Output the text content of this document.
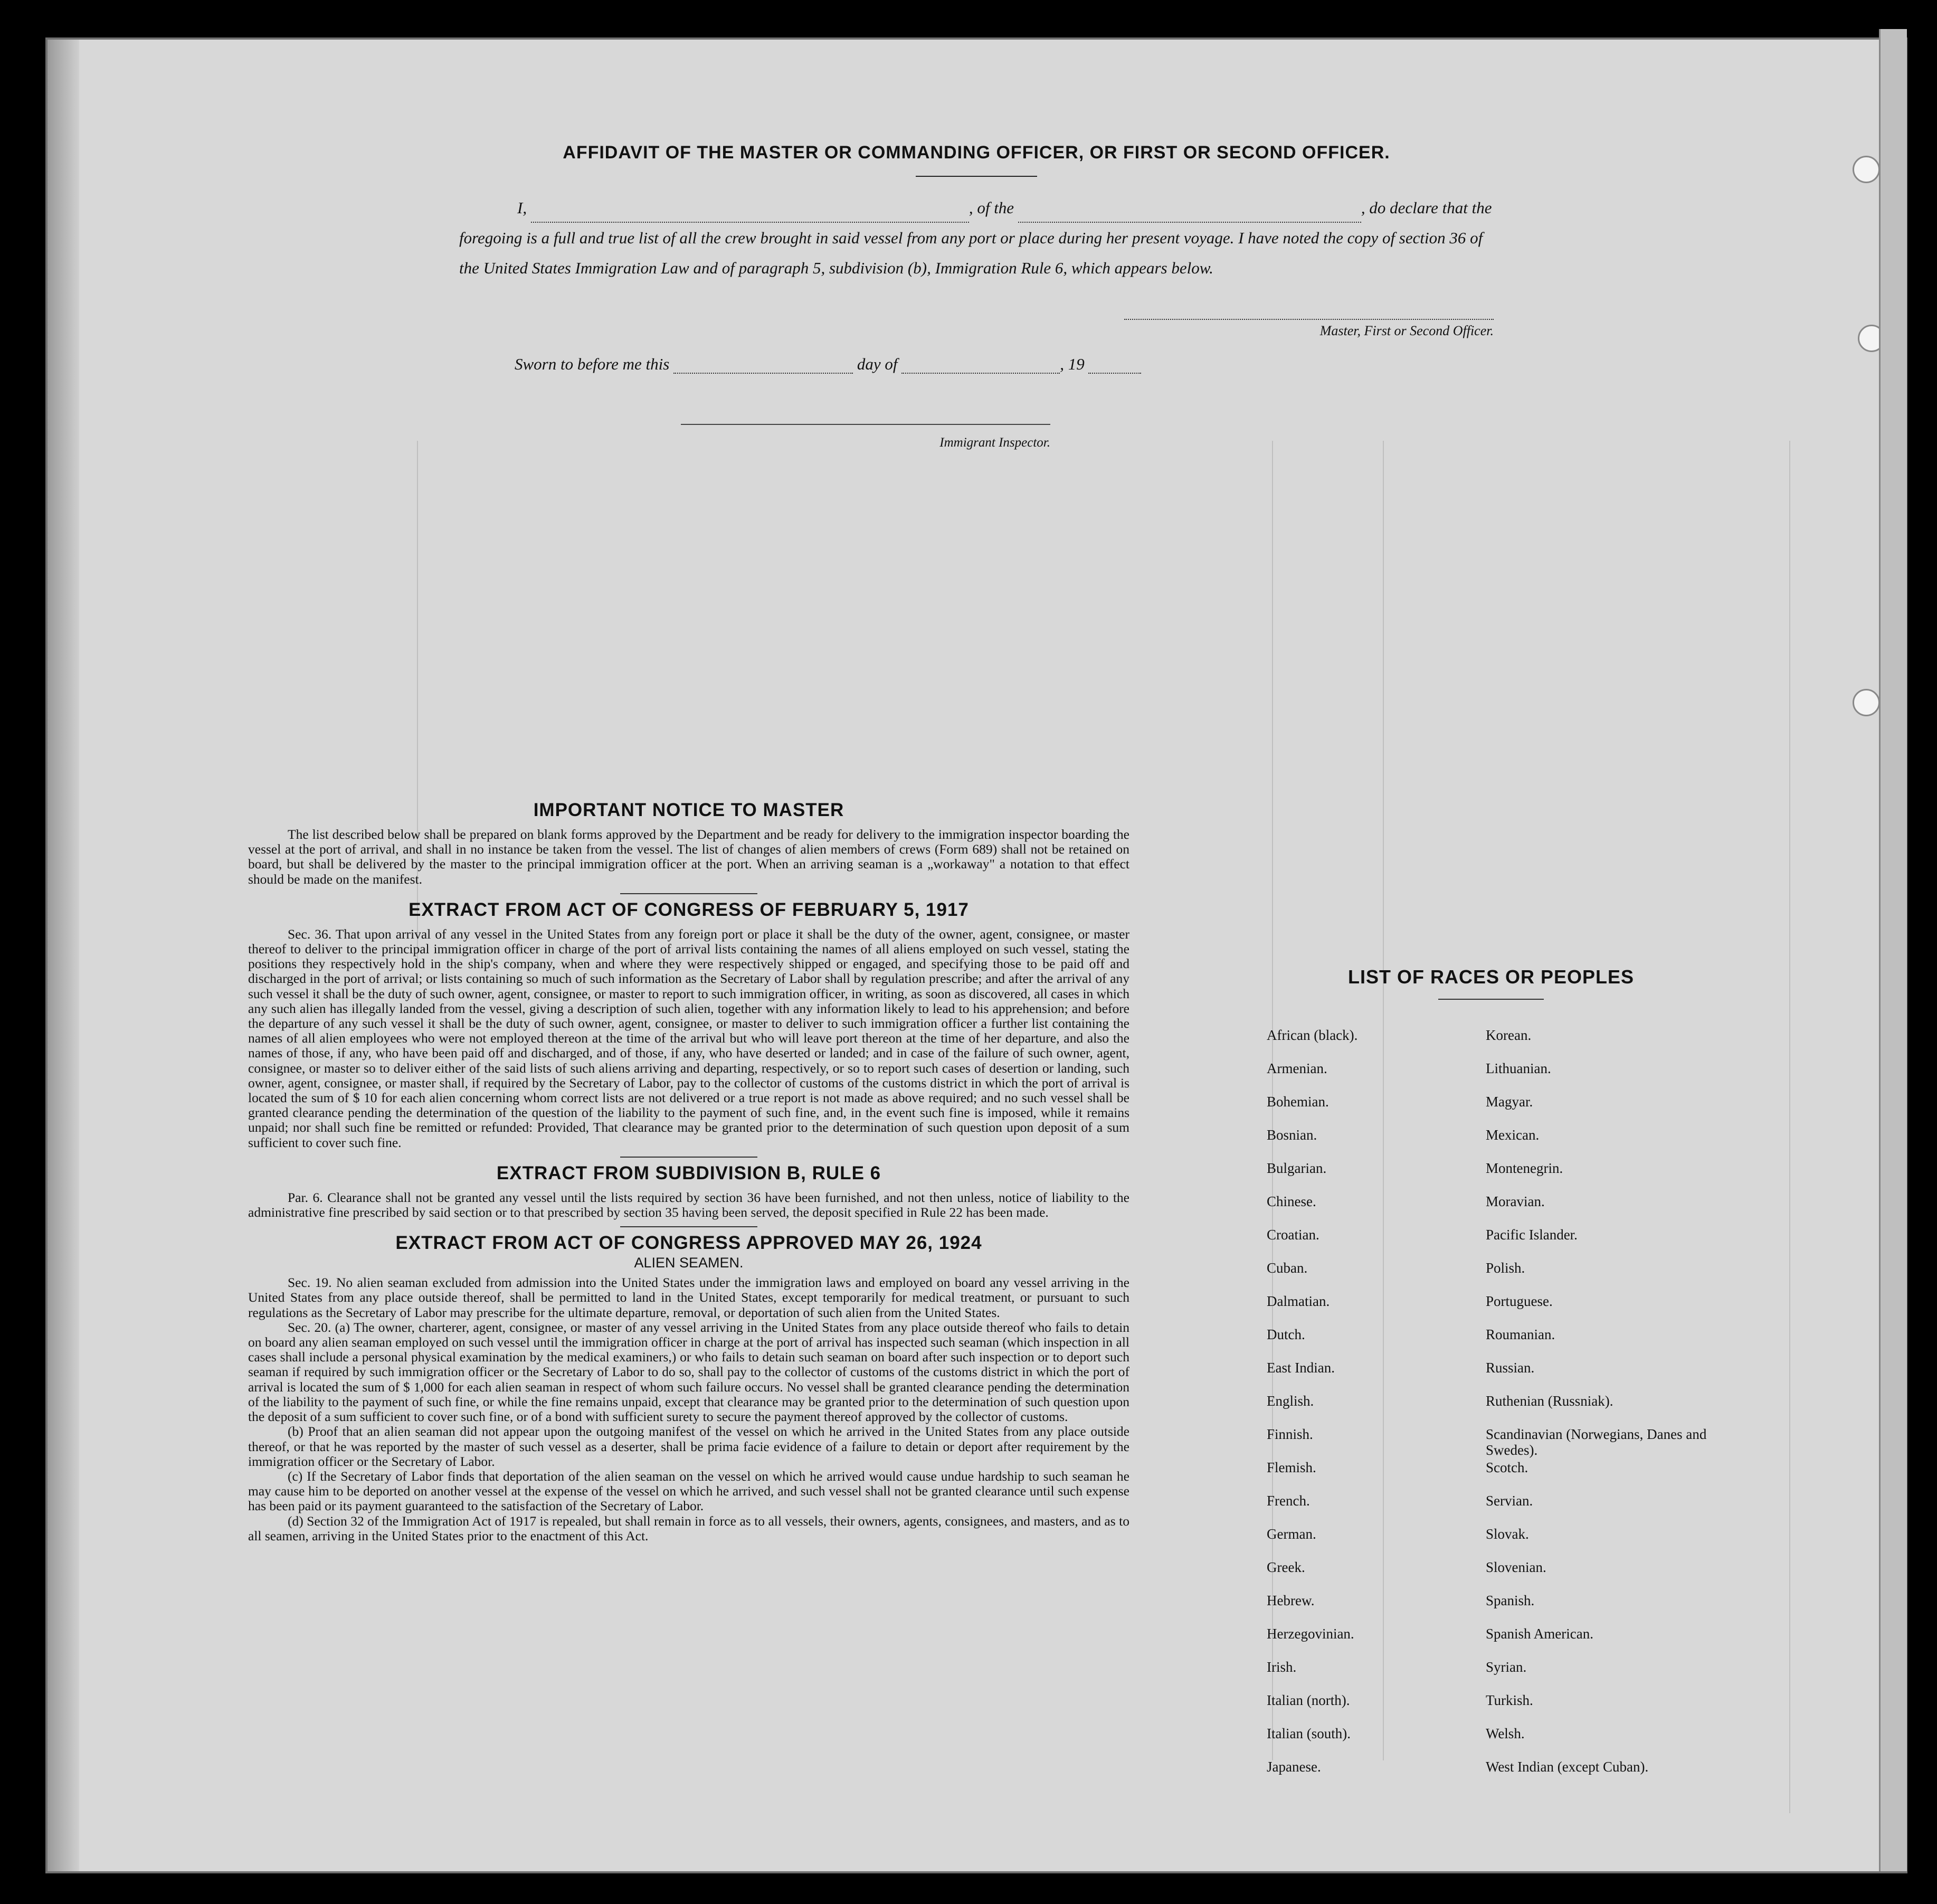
AFFIDAVIT OF THE MASTER OR COMMANDING OFFICER, OR FIRST OR SECOND OFFICER.
I,	, of the	, do declare that the foregoing is a full and true list of all the crew brought in said vessel from any port or place during her present voyage. I have noted the copy of section 36 of the United States Immigration Law and of paragraph 5, subdivision (b), Immigration Rule 6, which appears below.
Master, First or Second Officer.
Sworn to before me this	day of	, 19
Immigrant Inspector.
IMPORTANT NOTICE TO MASTER

The list described below shall be prepared on blank forms approved by the Department and be ready for delivery to the immigration inspector boarding the vessel at the port of arrival, and shall in no instance be taken from the vessel. The list of changes of alien members of crews (Form 689) shall not be retained on board, but shall be delivered by the master to the principal immigration officer at the port. When an arriving seaman is a „workaway" a notation to that effect should be made on the manifest.

EXTRACT FROM ACT OF CONGRESS OF FEBRUARY 5, 1917

Sec. 36. That upon arrival of any vessel in the United States from any foreign port or place it shall be the duty of the owner, agent, consignee, or master thereof to deliver to the principal immigration officer in charge of the port of arrival lists containing the names of all aliens employed on such vessel, stating the positions they respectively hold in the ship's company, when and where they were respectively shipped or engaged, and specifying those to be paid off and discharged in the port of arrival; or lists containing so much of such information as the Secretary of Labor shall by regulation prescribe; and after the arrival of any such vessel it shall be the duty of such owner, agent, consignee, or master to report to such immigration officer, in writing, as soon as discovered, all cases in which any such alien has illegally landed from the vessel, giving a description of such alien, together with any information likely to lead to his apprehension; and before the departure of any such vessel it shall be the duty of such owner, agent, consignee, or master to deliver to such immigration officer a further list containing the names of all alien employees who were not employed thereon at the time of the arrival but who will leave port thereon at the time of her departure, and also the names of those, if any, who have been paid off and discharged, and of those, if any, who have deserted or landed; and in case of the failure of such owner, agent, consignee, or master so to deliver either of the said lists of such aliens arriving and departing, respectively, or so to report such cases of desertion or landing, such owner, agent, consignee, or master shall, if required by the Secretary of Labor, pay to the collector of customs of the customs district in which the port of arrival is located the sum of $ 10 for each alien concerning whom correct lists are not delivered or a true report is not made as above required; and no such vessel shall be granted clearance pending the determination of the question of the liability to the payment of such fine, and, in the event such fine is imposed, while it remains unpaid; nor shall such fine be remitted or refunded: Provided, That clearance may be granted prior to the determination of such question upon deposit of a sum sufficient to cover such fine.

EXTRACT FROM SUBDIVISION B, RULE 6

Par. 6. Clearance shall not be granted any vessel until the lists required by section 36 have been furnished, and not then unless, notice of liability to the administrative fine prescribed by said section or to that prescribed by section 35 having been served, the deposit specified in Rule 22 has been made.

EXTRACT FROM ACT OF CONGRESS APPROVED MAY 26, 1924
ALIEN SEAMEN.

Sec. 19. No alien seaman excluded from admission into the United States under the immigration laws and employed on board any vessel arriving in the United States from any place outside thereof, shall be permitted to land in the United States, except temporarily for medical treatment, or pursuant to such regulations as the Secretary of Labor may prescribe for the ultimate departure, removal, or deportation of such alien from the United States.

Sec. 20. (a) The owner, charterer, agent, consignee, or master of any vessel arriving in the United States from any place outside thereof who fails to detain on board any alien seaman employed on such vessel until the immigration officer in charge at the port of arrival has inspected such seaman (which inspection in all cases shall include a personal physical examination by the medical examiners,) or who fails to detain such seaman on board after such inspection or to deport such seaman if required by such immigration officer or the Secretary of Labor to do so, shall pay to the collector of customs of the customs district in which the port of arrival is located the sum of $ 1,000 for each alien seaman in respect of whom such failure occurs. No vessel shall be granted clearance pending the determination of the liability to the payment of such fine, or while the fine remains unpaid, except that clearance may be granted prior to the determination of such question upon the deposit of a sum sufficient to cover such fine, or of a bond with sufficient surety to secure the payment thereof approved by the collector of customs.

(b) Proof that an alien seaman did not appear upon the outgoing manifest of the vessel on which he arrived in the United States from any place outside thereof, or that he was reported by the master of such vessel as a deserter, shall be prima facie evidence of a failure to detain or deport after requirement by the immigration officer or the Secretary of Labor.

(c) If the Secretary of Labor finds that deportation of the alien seaman on the vessel on which he arrived would cause undue hardship to such seaman he may cause him to be deported on another vessel at the expense of the vessel on which he arrived, and such vessel shall not be granted clearance until such expense has been paid or its payment guaranteed to the satisfaction of the Secretary of Labor.

(d) Section 32 of the Immigration Act of 1917 is repealed, but shall remain in force as to all vessels, their owners, agents, consignees, and masters, and as to all seamen, arriving in the United States prior to the enactment of this Act.

LIST OF RACES OR PEOPLES
African (black).
Armenian.
Bohemian.
Bosnian.
Bulgarian.
Chinese.
Croatian.
Cuban.
Dalmatian.
Dutch.
East Indian.
English.
Finnish.
Flemish.
French.
German.
Greek.
Hebrew.
Herzegovinian.
Irish.
Italian (north).
Italian (south).
Japanese.
Korean.
Lithuanian.
Magyar.
Mexican.
Montenegrin.
Moravian.
Pacific Islander.
Polish.
Portuguese.
Roumanian.
Russian.
Ruthenian (Russniak).
Scandinavian (Norwegians, Danes and Swedes).
Scotch.
Servian.
Slovak.
Slovenian.
Spanish.
Spanish American.
Syrian.
Turkish.
Welsh.
West Indian (except Cuban).
